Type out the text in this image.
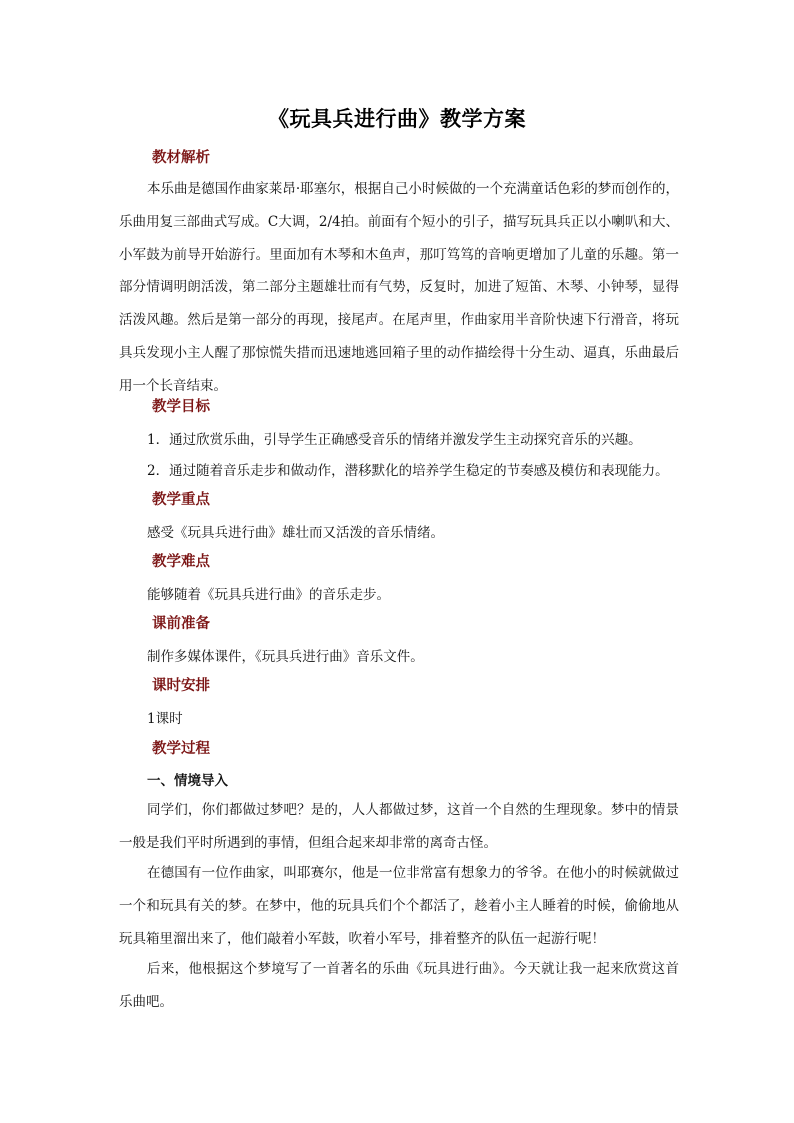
《玩具兵进行曲》教学方案
教材解析
本乐曲是德国作曲家莱昂·耶塞尔，根据自己小时候做的一个充满童话色彩的梦而创作的，乐曲用复三部曲式写成。C大调，2/4拍。前面有个短小的引子，描写玩具兵正以小喇叭和大、小军鼓为前导开始游行。里面加有木琴和木鱼声，那叮笃笃的音响更增加了儿童的乐趣。第一部分情调明朗活泼，第二部分主题雄壮而有气势，反复时，加进了短笛、木琴、小钟琴，显得活泼风趣。然后是第一部分的再现，接尾声。在尾声里，作曲家用半音阶快速下行滑音，将玩具兵发现小主人醒了那惊慌失措而迅速地逃回箱子里的动作描绘得十分生动、逼真，乐曲最后用一个长音结束。
教学目标
1．通过欣赏乐曲，引导学生正确感受音乐的情绪并激发学生主动探究音乐的兴趣。
2．通过随着音乐走步和做动作，潜移默化的培养学生稳定的节奏感及模仿和表现能力。
教学重点
感受《玩具兵进行曲》雄壮而又活泼的音乐情绪。
教学难点
能够随着《玩具兵进行曲》的音乐走步。
课前准备
制作多媒体课件，《玩具兵进行曲》音乐文件。
课时安排
1课时
教学过程
一、情境导入
同学们，你们都做过梦吧？是的，人人都做过梦，这首一个自然的生理现象。梦中的情景一般是我们平时所遇到的事情，但组合起来却非常的离奇古怪。
在德国有一位作曲家，叫耶赛尔，他是一位非常富有想象力的爷爷。在他小的时候就做过一个和玩具有关的梦。在梦中，他的玩具兵们个个都活了，趁着小主人睡着的时候，偷偷地从玩具箱里溜出来了，他们敲着小军鼓，吹着小军号，排着整齐的队伍一起游行呢！
后来，他根据这个梦境写了一首著名的乐曲《玩具进行曲》。今天就让我一起来欣赏这首乐曲吧。
